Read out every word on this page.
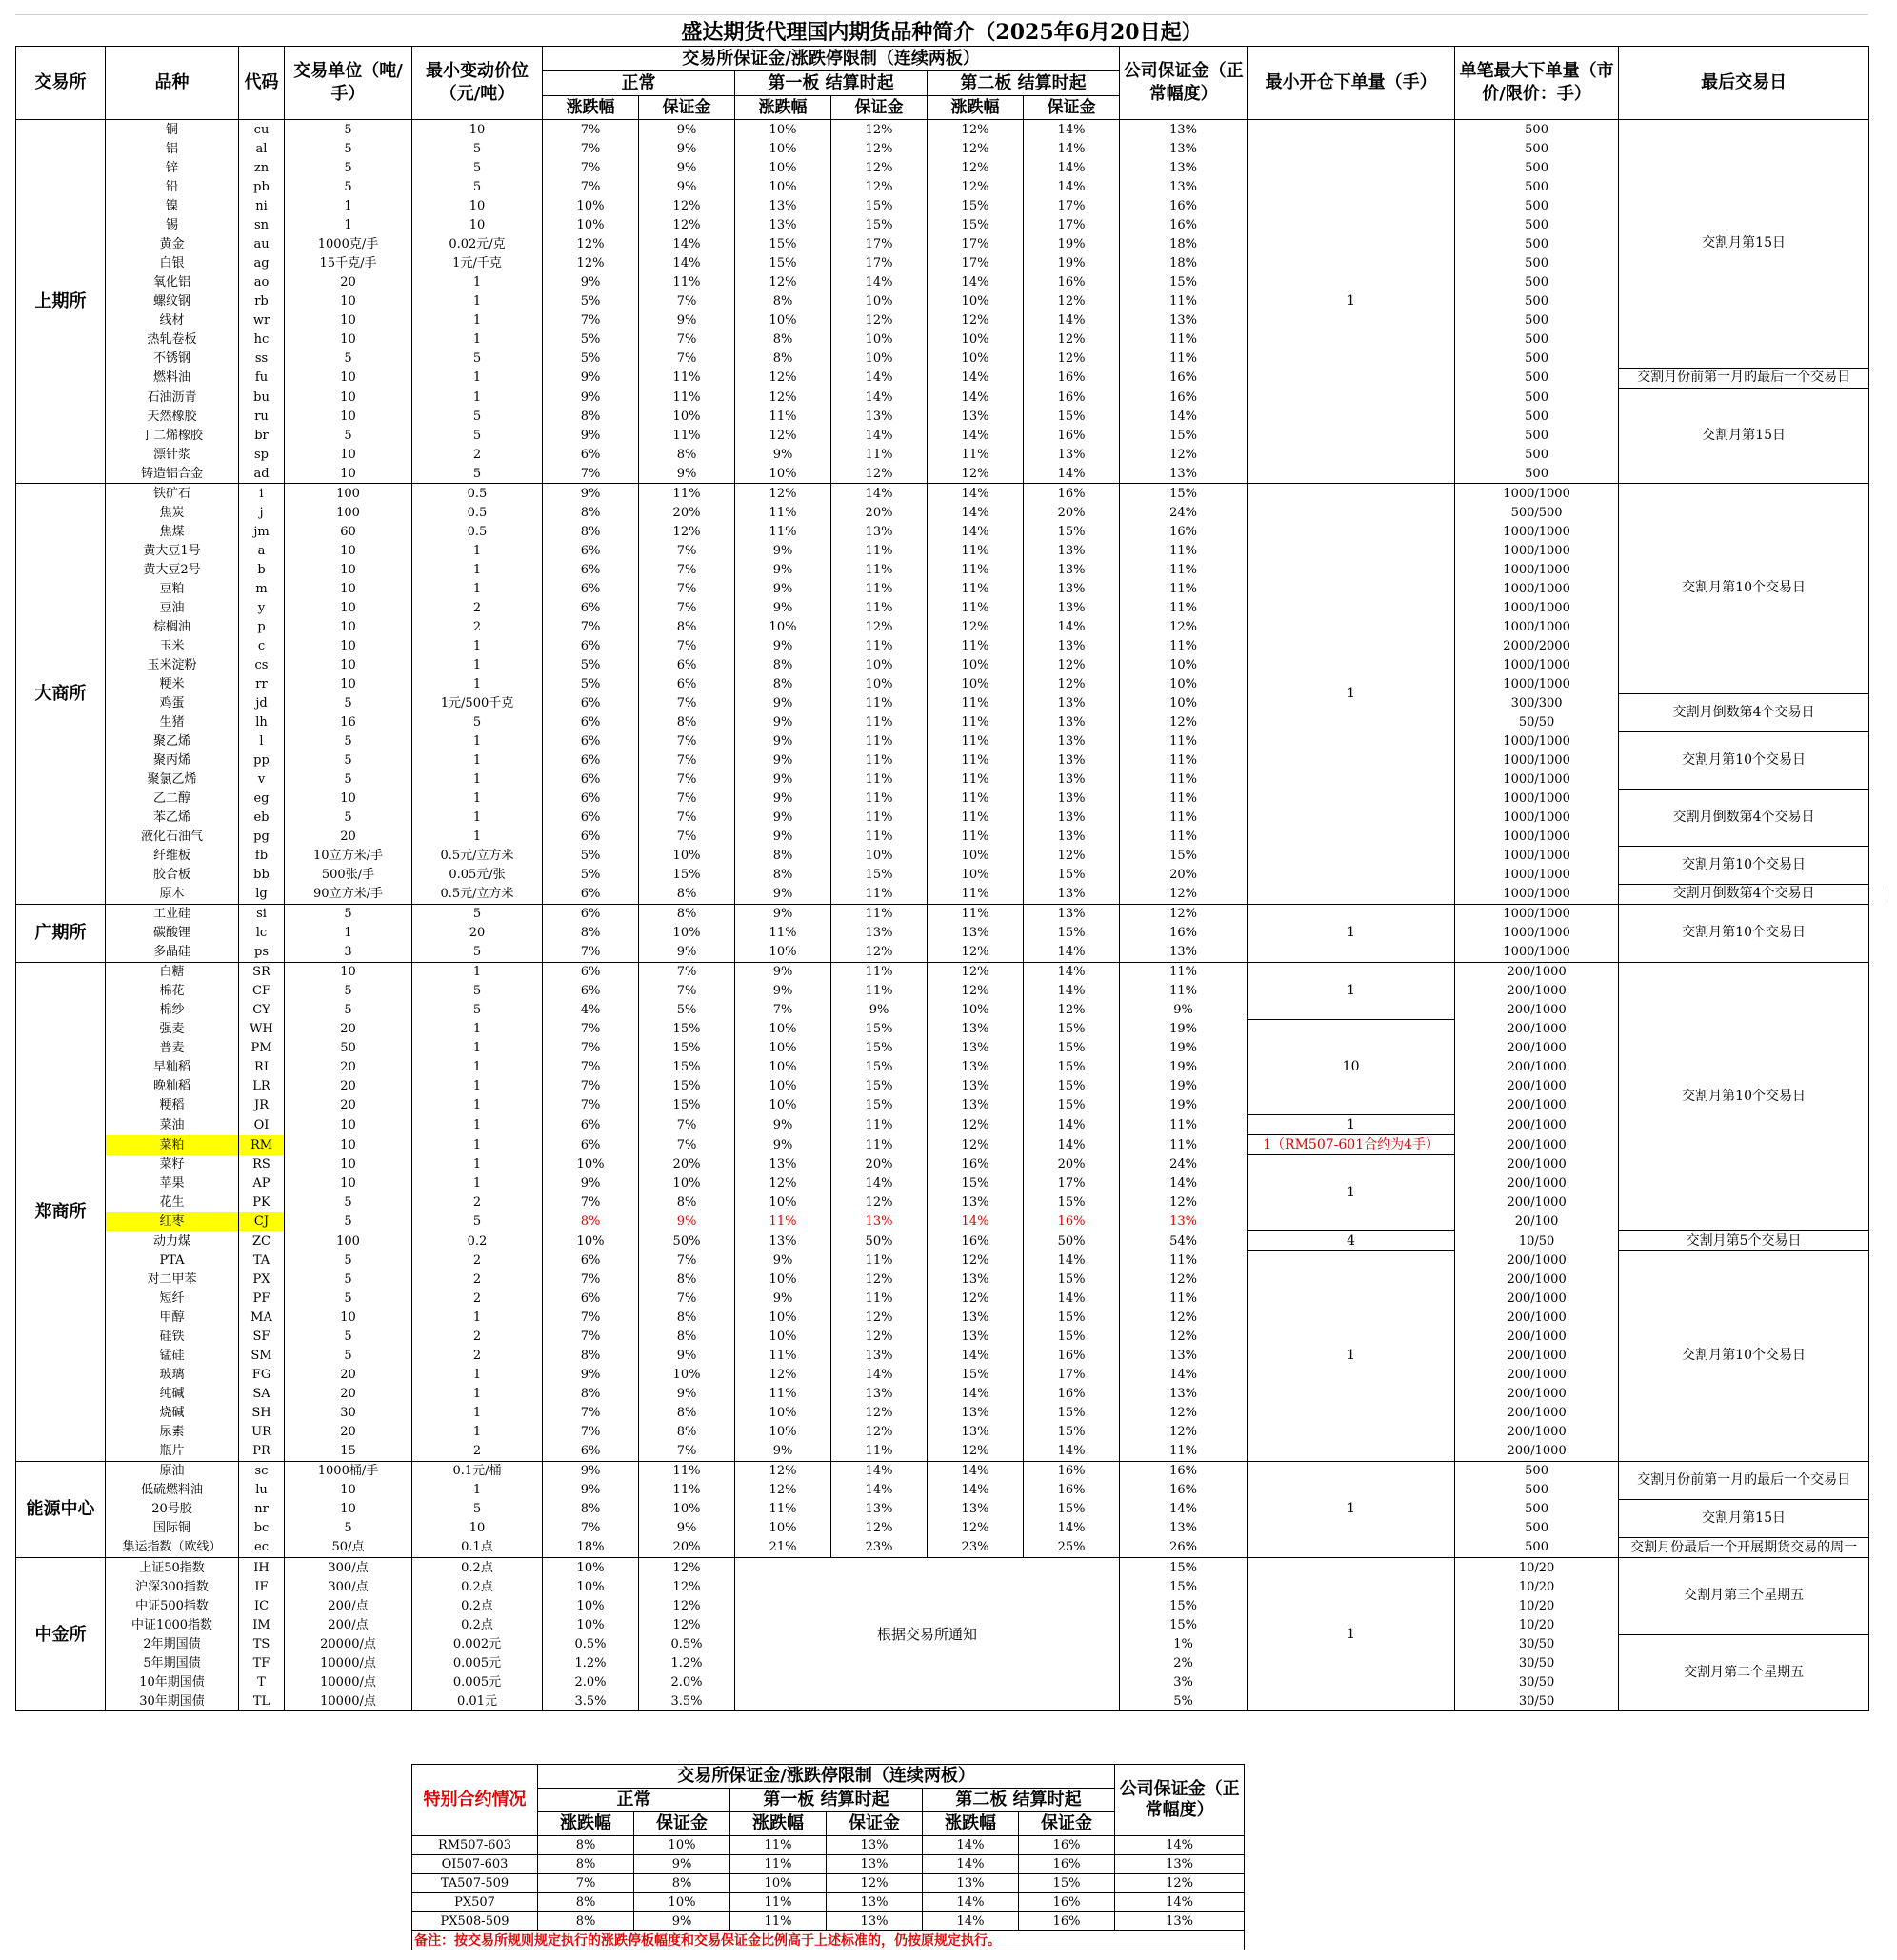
盛达期货代理国内期货品种简介（2025年6月20日起）
交易所	品种	代码	交易单位（吨/手）	最小变动价位（元/吨）	交易所保证金/涨跌停限制（连续两板）						公司保证金（正常幅度）	最小开仓下单量（手）	单笔最大下单量（市价/限价：手）	最后交易日
					正常		第一板 结算时起		第二板 结算时起					
					涨跌幅	保证金	涨跌幅	保证金	涨跌幅	保证金				
上期所	铜	cu	5	10	7%	9%	10%	12%	12%	14%	13%	1	500	交割月第15日
	铝	al	5	5	7%	9%	10%	12%	12%	14%	13%		500	
	锌	zn	5	5	7%	9%	10%	12%	12%	14%	13%		500	
	铅	pb	5	5	7%	9%	10%	12%	12%	14%	13%		500	
	镍	ni	1	10	10%	12%	13%	15%	15%	17%	16%		500	
	锡	sn	1	10	10%	12%	13%	15%	15%	17%	16%		500	
	黄金	au	1000克/手	0.02元/克	12%	14%	15%	17%	17%	19%	18%		500	
	白银	ag	15千克/手	1元/千克	12%	14%	15%	17%	17%	19%	18%		500	
	氧化铝	ao	20	1	9%	11%	12%	14%	14%	16%	15%		500	
	螺纹钢	rb	10	1	5%	7%	8%	10%	10%	12%	11%		500	
	线材	wr	10	1	7%	9%	10%	12%	12%	14%	13%		500	
	热轧卷板	hc	10	1	5%	7%	8%	10%	10%	12%	11%		500	
	不锈钢	ss	5	5	5%	7%	8%	10%	10%	12%	11%		500	
	燃料油	fu	10	1	9%	11%	12%	14%	14%	16%	16%		500	交割月份前第一月的最后一个交易日
	石油沥青	bu	10	1	9%	11%	12%	14%	14%	16%	16%		500	交割月第15日
	天然橡胶	ru	10	5	8%	10%	11%	13%	13%	15%	14%		500	
	丁二烯橡胶	br	5	5	9%	11%	12%	14%	14%	16%	15%		500	
	漂针浆	sp	10	2	6%	8%	9%	11%	11%	13%	12%		500	
	铸造铝合金	ad	10	5	7%	9%	10%	12%	12%	14%	13%		500	
大商所	铁矿石	i	100	0.5	9%	11%	12%	14%	14%	16%	15%	1	1000/1000	交割月第10个交易日
	焦炭	j	100	0.5	8%	20%	11%	20%	14%	20%	24%		500/500	
	焦煤	jm	60	0.5	8%	12%	11%	13%	14%	15%	16%		1000/1000	
	黄大豆1号	a	10	1	6%	7%	9%	11%	11%	13%	11%		1000/1000	
	黄大豆2号	b	10	1	6%	7%	9%	11%	11%	13%	11%		1000/1000	
	豆粕	m	10	1	6%	7%	9%	11%	11%	13%	11%		1000/1000	
	豆油	y	10	2	6%	7%	9%	11%	11%	13%	11%		1000/1000	
	棕榈油	p	10	2	7%	8%	10%	12%	12%	14%	12%		1000/1000	
	玉米	c	10	1	6%	7%	9%	11%	11%	13%	11%		2000/2000	
	玉米淀粉	cs	10	1	5%	6%	8%	10%	10%	12%	10%		1000/1000	
	粳米	rr	10	1	5%	6%	8%	10%	10%	12%	10%		1000/1000	
	鸡蛋	jd	5	1元/500千克	6%	7%	9%	11%	11%	13%	10%		300/300	交割月倒数第4个交易日
	生猪	lh	16	5	6%	8%	9%	11%	11%	13%	12%		50/50	
	聚乙烯	l	5	1	6%	7%	9%	11%	11%	13%	11%		1000/1000	交割月第10个交易日
	聚丙烯	pp	5	1	6%	7%	9%	11%	11%	13%	11%		1000/1000	
	聚氯乙烯	v	5	1	6%	7%	9%	11%	11%	13%	11%		1000/1000	
	乙二醇	eg	10	1	6%	7%	9%	11%	11%	13%	11%		1000/1000	交割月倒数第4个交易日
	苯乙烯	eb	5	1	6%	7%	9%	11%	11%	13%	11%		1000/1000	
	液化石油气	pg	20	1	6%	7%	9%	11%	11%	13%	11%		1000/1000	
	纤维板	fb	10立方米/手	0.5元/立方米	5%	10%	8%	10%	10%	12%	15%		1000/1000	交割月第10个交易日
	胶合板	bb	500张/手	0.05元/张	5%	15%	8%	15%	10%	15%	20%		1000/1000	
	原木	lg	90立方米/手	0.5元/立方米	6%	8%	9%	11%	11%	13%	12%		1000/1000	交割月倒数第4个交易日
广期所	工业硅	si	5	5	6%	8%	9%	11%	11%	13%	12%	1	1000/1000	交割月第10个交易日
	碳酸锂	lc	1	20	8%	10%	11%	13%	13%	15%	16%		1000/1000	
	多晶硅	ps	3	5	7%	9%	10%	12%	12%	14%	13%		1000/1000	
郑商所	白糖	SR	10	1	6%	7%	9%	11%	12%	14%	11%	1	200/1000	交割月第10个交易日
	棉花	CF	5	5	6%	7%	9%	11%	12%	14%	11%		200/1000	
	棉纱	CY	5	5	4%	5%	7%	9%	10%	12%	9%		200/1000	
	强麦	WH	20	1	7%	15%	10%	15%	13%	15%	19%	10	200/1000	
	普麦	PM	50	1	7%	15%	10%	15%	13%	15%	19%		200/1000	
	早籼稻	RI	20	1	7%	15%	10%	15%	13%	15%	19%		200/1000	
	晚籼稻	LR	20	1	7%	15%	10%	15%	13%	15%	19%		200/1000	
	粳稻	JR	20	1	7%	15%	10%	15%	13%	15%	19%		200/1000	
	菜油	OI	10	1	6%	7%	9%	11%	12%	14%	11%	1	200/1000	
	菜粕	RM	10	1	6%	7%	9%	11%	12%	14%	11%	1（RM507-601合约为4手）	200/1000	
	菜籽	RS	10	1	10%	20%	13%	20%	16%	20%	24%	1	200/1000	
	苹果	AP	10	1	9%	10%	12%	14%	15%	17%	14%		200/1000	
	花生	PK	5	2	7%	8%	10%	12%	13%	15%	12%		200/1000	
	红枣	CJ	5	5	8%	9%	11%	13%	14%	16%	13%		20/100	
	动力煤	ZC	100	0.2	10%	50%	13%	50%	16%	50%	54%	4	10/50	交割月第5个交易日
	PTA	TA	5	2	6%	7%	9%	11%	12%	14%	11%	1	200/1000	交割月第10个交易日
	对二甲苯	PX	5	2	7%	8%	10%	12%	13%	15%	12%		200/1000	
	短纤	PF	5	2	6%	7%	9%	11%	12%	14%	11%		200/1000	
	甲醇	MA	10	1	7%	8%	10%	12%	13%	15%	12%		200/1000	
	硅铁	SF	5	2	7%	8%	10%	12%	13%	15%	12%		200/1000	
	锰硅	SM	5	2	8%	9%	11%	13%	14%	16%	13%		200/1000	
	玻璃	FG	20	1	9%	10%	12%	14%	15%	17%	14%		200/1000	
	纯碱	SA	20	1	8%	9%	11%	13%	14%	16%	13%		200/1000	
	烧碱	SH	30	1	7%	8%	10%	12%	13%	15%	12%		200/1000	
	尿素	UR	20	1	7%	8%	10%	12%	13%	15%	12%		200/1000	
	瓶片	PR	15	2	6%	7%	9%	11%	12%	14%	11%		200/1000	
能源中心	原油	sc	1000桶/手	0.1元/桶	9%	11%	12%	14%	14%	16%	16%	1	500	交割月份前第一月的最后一个交易日
	低硫燃料油	lu	10	1	9%	11%	12%	14%	14%	16%	16%		500	
	20号胶	nr	10	5	8%	10%	11%	13%	13%	15%	14%		500	交割月第15日
	国际铜	bc	5	10	7%	9%	10%	12%	12%	14%	13%		500	
	集运指数（欧线）	ec	50/点	0.1点	18%	20%	21%	23%	23%	25%	26%		500	交割月份最后一个开展期货交易的周一
中金所	上证50指数	IH	300/点	0.2点	10%	12%	根据交易所通知				15%	1	10/20	交割月第三个星期五
	沪深300指数	IF	300/点	0.2点	10%	12%					15%		10/20	
	中证500指数	IC	200/点	0.2点	10%	12%					15%		10/20	
	中证1000指数	IM	200/点	0.2点	10%	12%					15%		10/20	
	2年期国债	TS	20000/点	0.002元	0.5%	0.5%					1%		30/50	交割月第二个星期五
	5年期国债	TF	10000/点	0.005元	1.2%	1.2%					2%		30/50	
	10年期国债	T	10000/点	0.005元	2.0%	2.0%					3%		30/50	
	30年期国债	TL	10000/点	0.01元	3.5%	3.5%					5%		30/50	
特别合约情况	交易所保证金/涨跌停限制（连续两板）						公司保证金（正常幅度）
	正常		第一板 结算时起		第二板 结算时起		
	涨跌幅	保证金	涨跌幅	保证金	涨跌幅	保证金	
RM507-603	8%	10%	11%	13%	14%	16%	14%
OI507-603	8%	9%	11%	13%	14%	16%	13%
TA507-509	7%	8%	10%	12%	13%	15%	12%
PX507	8%	10%	11%	13%	14%	16%	14%
PX508-509	8%	9%	11%	13%	14%	16%	13%
备注：按交易所规则规定执行的涨跌停板幅度和交易保证金比例高于上述标准的，仍按原规定执行。							
